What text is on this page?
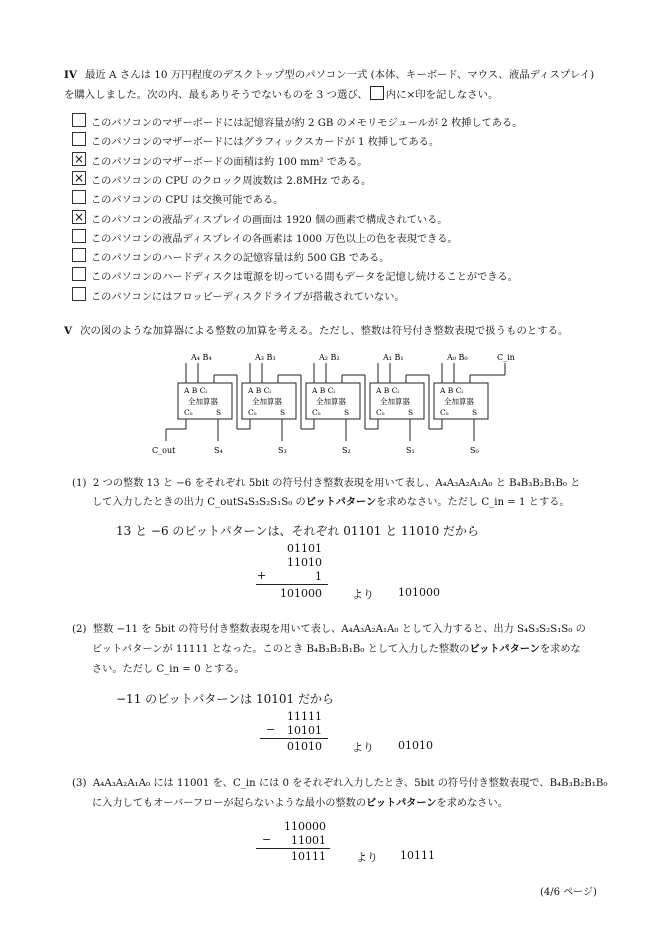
IV 最近 A さんは 10 万円程度のデスクトップ型のパソコン一式 (本体、キーボード、マウス、液晶ディスプレイ)
を購入しました。次の内、最もありそうでないものを 3 つ選び、 内に×印を記しなさい。
このパソコンのマザーボードには記憶容量が約 2 GB のメモリモジュールが 2 枚挿してある。
このパソコンのマザーボードにはグラフィックスカードが 1 枚挿してある。
× このパソコンのマザーボードの面積は約 100 mm² である。
× このパソコンの CPU のクロック周波数は 2.8MHz である。
このパソコンの CPU は交換可能である。
× このパソコンの液晶ディスプレイの画面は 1920 個の画素で構成されている。
このパソコンの液晶ディスプレイの各画素は 1000 万色以上の色を表現できる。
このパソコンのハードディスクの記憶容量は約 500 GB である。
このパソコンのハードディスクは電源を切っている間もデータを記憶し続けることができる。
このパソコンにはフロッピーディスクドライブが搭載されていない。
V 次の図のような加算器による整数の加算を考える。ただし、整数は符号付き整数表現で扱うものとする。
A₄ B₄	A₃ B₃	A₂ B₂	A₁ B₁	A₀ B₀	C_in
A B Cᵢ
全加算器
Cₒ	S
S₄
A B Cᵢ
全加算器
Cₒ	S
S₃
A B Cᵢ
全加算器
Cₒ	S
S₂
A B Cᵢ
全加算器
Cₒ	S
S₁
A B Cᵢ
全加算器
Cₒ	S
S₀
C_out
(1) 2 つの整数 13 と −6 をそれぞれ 5bit の符号付き整数表現を用いて表し、A₄A₃A₂A₁A₀ と B₄B₃B₂B₁B₀ と
して入力したときの出力 C_outS₄S₃S₂S₁S₀ のビットパターンを求めなさい。ただし C_in = 1 とする。
13 と −6 のビットパターンは、それぞれ 01101 と 11010 だから
01101
11010
1
+
101000	より 101000
(2) 整数 −11 を 5bit の符号付き整数表現を用いて表し、A₄A₃A₂A₁A₀ として入力すると、出力 S₄S₃S₂S₁S₀ の
ビットパターンが 11111 となった。このとき B₄B₃B₂B₁B₀ として入力した整数のビットパターンを求めな
さい。ただし C_in = 0 とする。
−11 のビットパターンは 10101 だから
11111
10101
−
01010	より 01010
(3) A₄A₃A₂A₁A₀ には 11001 を、C_in には 0 をそれぞれ入力したとき、5bit の符号付き整数表現で、B₄B₃B₂B₁B₀
に入力してもオーバーフローが起らないような最小の整数のビットパターンを求めなさい。
110000
11001
−
10111	より 10111
(4/6 ページ)
